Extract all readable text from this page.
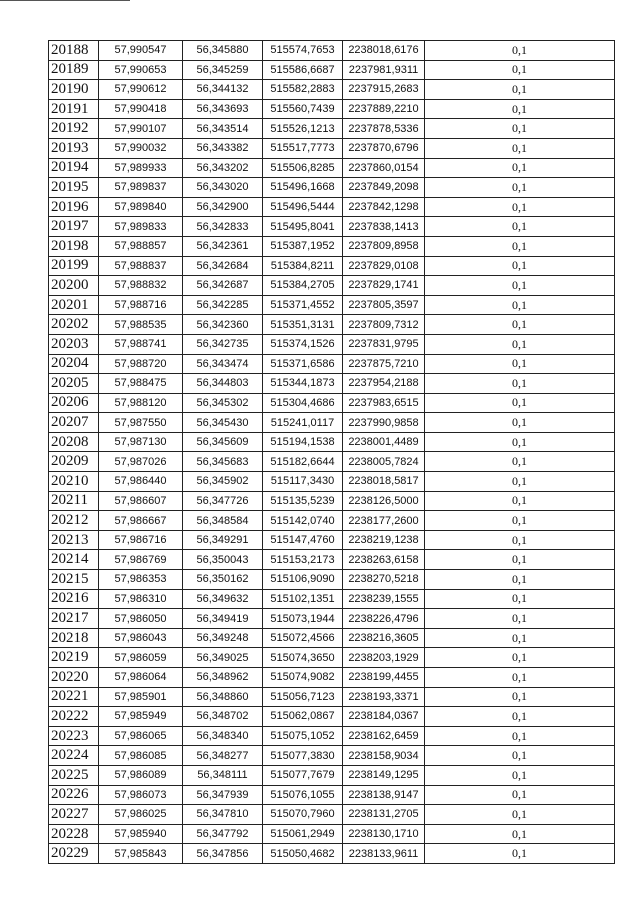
20188	57,990547	56,345880	515574,7653	2238018,6176	0,1
20189	57,990653	56,345259	515586,6687	2237981,9311	0,1
20190	57,990612	56,344132	515582,2883	2237915,2683	0,1
20191	57,990418	56,343693	515560,7439	2237889,2210	0,1
20192	57,990107	56,343514	515526,1213	2237878,5336	0,1
20193	57,990032	56,343382	515517,7773	2237870,6796	0,1
20194	57,989933	56,343202	515506,8285	2237860,0154	0,1
20195	57,989837	56,343020	515496,1668	2237849,2098	0,1
20196	57,989840	56,342900	515496,5444	2237842,1298	0,1
20197	57,989833	56,342833	515495,8041	2237838,1413	0,1
20198	57,988857	56,342361	515387,1952	2237809,8958	0,1
20199	57,988837	56,342684	515384,8211	2237829,0108	0,1
20200	57,988832	56,342687	515384,2705	2237829,1741	0,1
20201	57,988716	56,342285	515371,4552	2237805,3597	0,1
20202	57,988535	56,342360	515351,3131	2237809,7312	0,1
20203	57,988741	56,342735	515374,1526	2237831,9795	0,1
20204	57,988720	56,343474	515371,6586	2237875,7210	0,1
20205	57,988475	56,344803	515344,1873	2237954,2188	0,1
20206	57,988120	56,345302	515304,4686	2237983,6515	0,1
20207	57,987550	56,345430	515241,0117	2237990,9858	0,1
20208	57,987130	56,345609	515194,1538	2238001,4489	0,1
20209	57,987026	56,345683	515182,6644	2238005,7824	0,1
20210	57,986440	56,345902	515117,3430	2238018,5817	0,1
20211	57,986607	56,347726	515135,5239	2238126,5000	0,1
20212	57,986667	56,348584	515142,0740	2238177,2600	0,1
20213	57,986716	56,349291	515147,4760	2238219,1238	0,1
20214	57,986769	56,350043	515153,2173	2238263,6158	0,1
20215	57,986353	56,350162	515106,9090	2238270,5218	0,1
20216	57,986310	56,349632	515102,1351	2238239,1555	0,1
20217	57,986050	56,349419	515073,1944	2238226,4796	0,1
20218	57,986043	56,349248	515072,4566	2238216,3605	0,1
20219	57,986059	56,349025	515074,3650	2238203,1929	0,1
20220	57,986064	56,348962	515074,9082	2238199,4455	0,1
20221	57,985901	56,348860	515056,7123	2238193,3371	0,1
20222	57,985949	56,348702	515062,0867	2238184,0367	0,1
20223	57,986065	56,348340	515075,1052	2238162,6459	0,1
20224	57,986085	56,348277	515077,3830	2238158,9034	0,1
20225	57,986089	56,348111	515077,7679	2238149,1295	0,1
20226	57,986073	56,347939	515076,1055	2238138,9147	0,1
20227	57,986025	56,347810	515070,7960	2238131,2705	0,1
20228	57,985940	56,347792	515061,2949	2238130,1710	0,1
20229	57,985843	56,347856	515050,4682	2238133,9611	0,1
